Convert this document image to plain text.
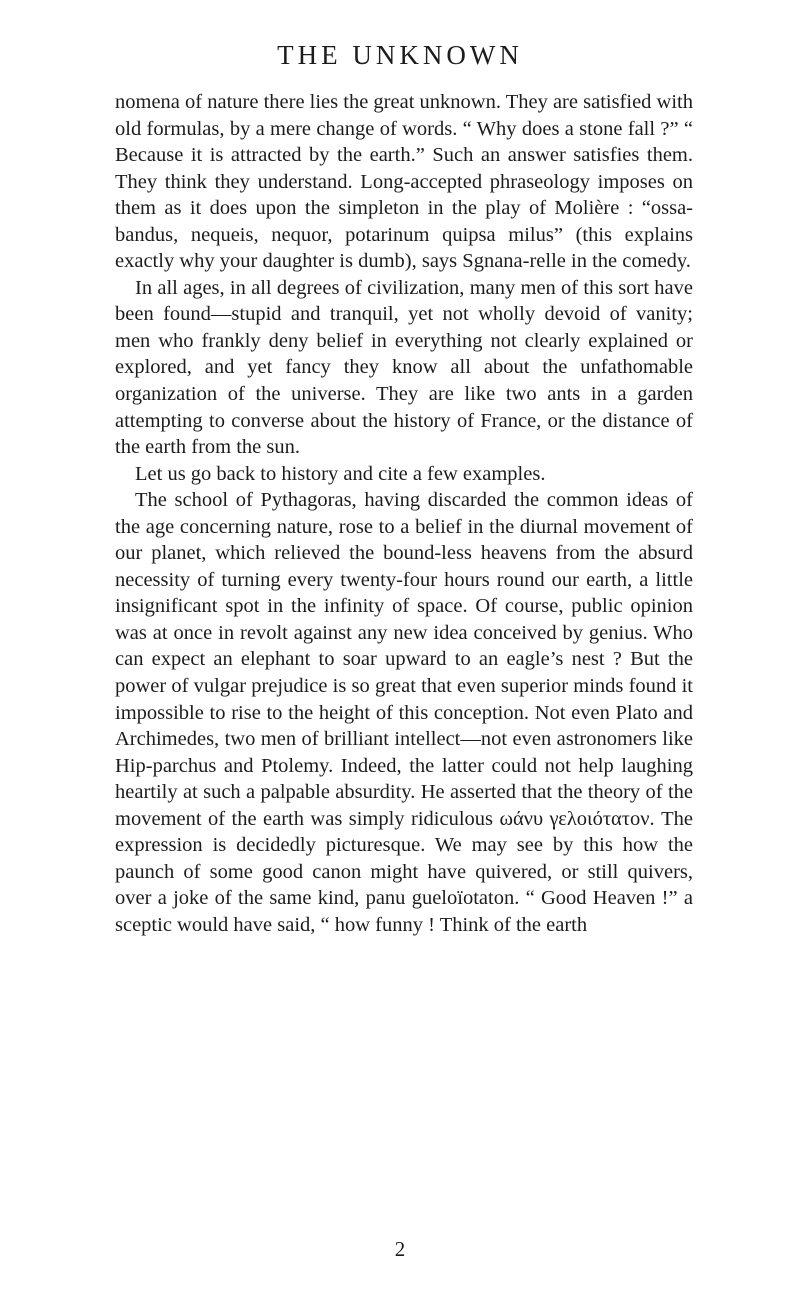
THE UNKNOWN

nomena of nature there lies the great unknown. They are satisfied with old formulas, by a mere change of words. “ Why does a stone fall ?” “ Because it is attracted by the earth.” Such an answer satisfies them. They think they understand. Long-accepted phraseology imposes on them as it does upon the simpleton in the play of Molière : “ossa-bandus, nequeis, nequor, potarinum quipsa milus” (this explains exactly why your daughter is dumb), says Sgnana-relle in the comedy.

In all ages, in all degrees of civilization, many men of this sort have been found—stupid and tranquil, yet not wholly devoid of vanity; men who frankly deny belief in everything not clearly explained or explored, and yet fancy they know all about the unfathomable organization of the universe. They are like two ants in a garden attempting to converse about the history of France, or the distance of the earth from the sun.

Let us go back to history and cite a few examples.

The school of Pythagoras, having discarded the common ideas of the age concerning nature, rose to a belief in the diurnal movement of our planet, which relieved the bound-less heavens from the absurd necessity of turning every twenty-four hours round our earth, a little insignificant spot in the infinity of space. Of course, public opinion was at once in revolt against any new idea conceived by genius. Who can expect an elephant to soar upward to an eagle’s nest ? But the power of vulgar prejudice is so great that even superior minds found it impossible to rise to the height of this conception. Not even Plato and Archimedes, two men of brilliant intellect—not even astronomers like Hip-parchus and Ptolemy. Indeed, the latter could not help laughing heartily at such a palpable absurdity. He asserted that the theory of the movement of the earth was simply ridiculous ωάνυ γελοιότατον. The expression is decidedly picturesque. We may see by this how the paunch of some good canon might have quivered, or still quivers, over a joke of the same kind, panu gueloïotaton. “ Good Heaven !” a sceptic would have said, “ how funny ! Think of the earth

2
